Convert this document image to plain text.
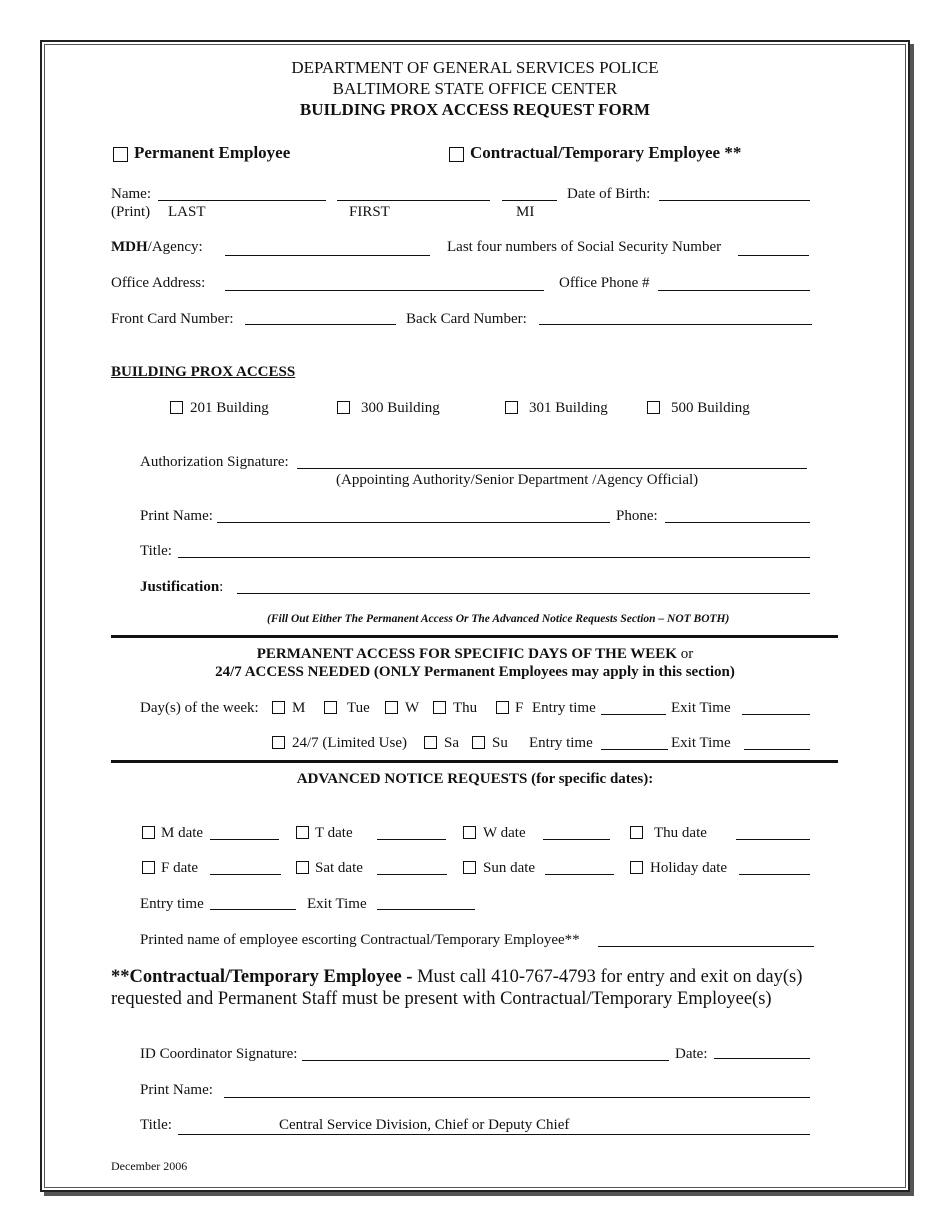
DEPARTMENT OF GENERAL SERVICES POLICE
BALTIMORE STATE OFFICE CENTER
BUILDING PROX ACCESS REQUEST FORM
Permanent Employee	Contractual/Temporary Employee **
Name:	Date of Birth:
(Print) LAST	FIRST	MI
MDH/Agency:	Last four numbers of Social Security Number
Office Address:	Office Phone #
Front Card Number:	Back Card Number:
BUILDING PROX ACCESS
201 Building	300 Building	301 Building	500 Building
Authorization Signature:
(Appointing Authority/Senior Department /Agency Official)
Print Name:	Phone:
Title:
Justification:
(Fill Out Either The Permanent Access Or The Advanced Notice Requests Section – NOT BOTH)
PERMANENT ACCESS FOR SPECIFIC DAYS OF THE WEEK or
24/7 ACCESS NEEDED (ONLY Permanent Employees may apply in this section)
Day(s) of the week: M	Tue W Thu	F Entry time	Exit Time
24/7 (Limited Use) Sa Su Entry time	Exit Time
ADVANCED NOTICE REQUESTS (for specific dates):
M date	T date	W date	Thu date
F date	Sat date	Sun date	Holiday date
Entry time	Exit Time
Printed name of employee escorting Contractual/Temporary Employee**
**Contractual/Temporary Employee - Must call 410-767-4793 for entry and exit on day(s)
requested and Permanent Staff must be present with Contractual/Temporary Employee(s)
ID Coordinator Signature:	Date:
Print Name:
Title:	Central Service Division, Chief or Deputy Chief
December 2006
